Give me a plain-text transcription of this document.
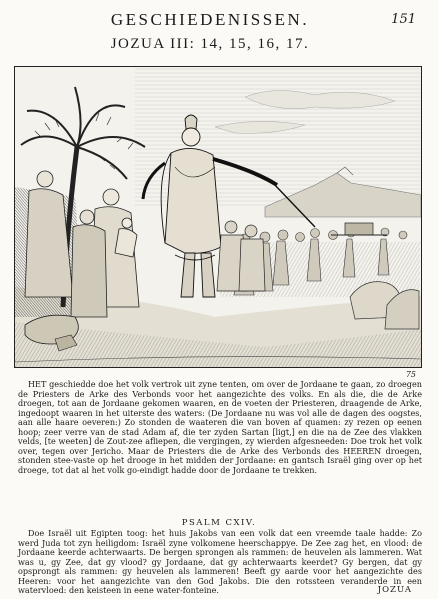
GESCHIEDENISSEN.	151
JOZUA III: 14, 15, 16, 17.
75

HET geschiedde doe het volk vertrok uit zyne tenten, om over de Jordaane te gaan, zo droegen de Priesters de Arke des Verbonds voor het aangezichte des volks. En als die, die de Arke droegen, tot aan de Jordaane gekomen waaren, en de voeten der Priesteren, draagende de Arke, ingedoopt waaren in het uiterste des waters: (De Jordaane nu was vol alle de dagen des oogstes, aan alle haare oeveren:) Zo stonden de waateren die van boven af quamen: zy rezen op eenen hoop; zeer verre van de stad Adam af, die ter zyden Sartan [ligt,] en die na de Zee des vlakken velds, [te weeten] de Zout-zee afliepen, die vergingen, zy wierden afgesneeden: Doe trok het volk over, tegen over Jericho. Maar de Priesters die de Arke des Verbonds des HEEREN droegen, stonden stee-vaste op het drooge in het midden der Jordaane: en gantsch Israël ging over op het droege, tot dat al het volk go-eindigt hadde door de Jordaane te trekken.

PSALM CXIV.

Doe Israël uit Egipten toog: het huis Jakobs van een volk dat een vreemde taale hadde: Zo werd Juda tot zyn heiligdom: Israël zyne volkomene heerschappye. De Zee zag het, en vlood: de Jordaane keerde achterwaarts. De bergen sprongen als rammen: de heuvelen als lammeren. Wat was u, gy Zee, dat gy vlood? gy Jordaane, dat gy achterwaarts keerdet? Gy bergen, dat gy opsprongt als rammen: gy heuvelen als lammeren! Beeft gy aarde voor het aangezichte des Heeren: voor het aangezichte van den God Jakobs. Die den rotssteen veranderde in een watervloed: den keisteen in eene water-fonteine.	JOZUA
